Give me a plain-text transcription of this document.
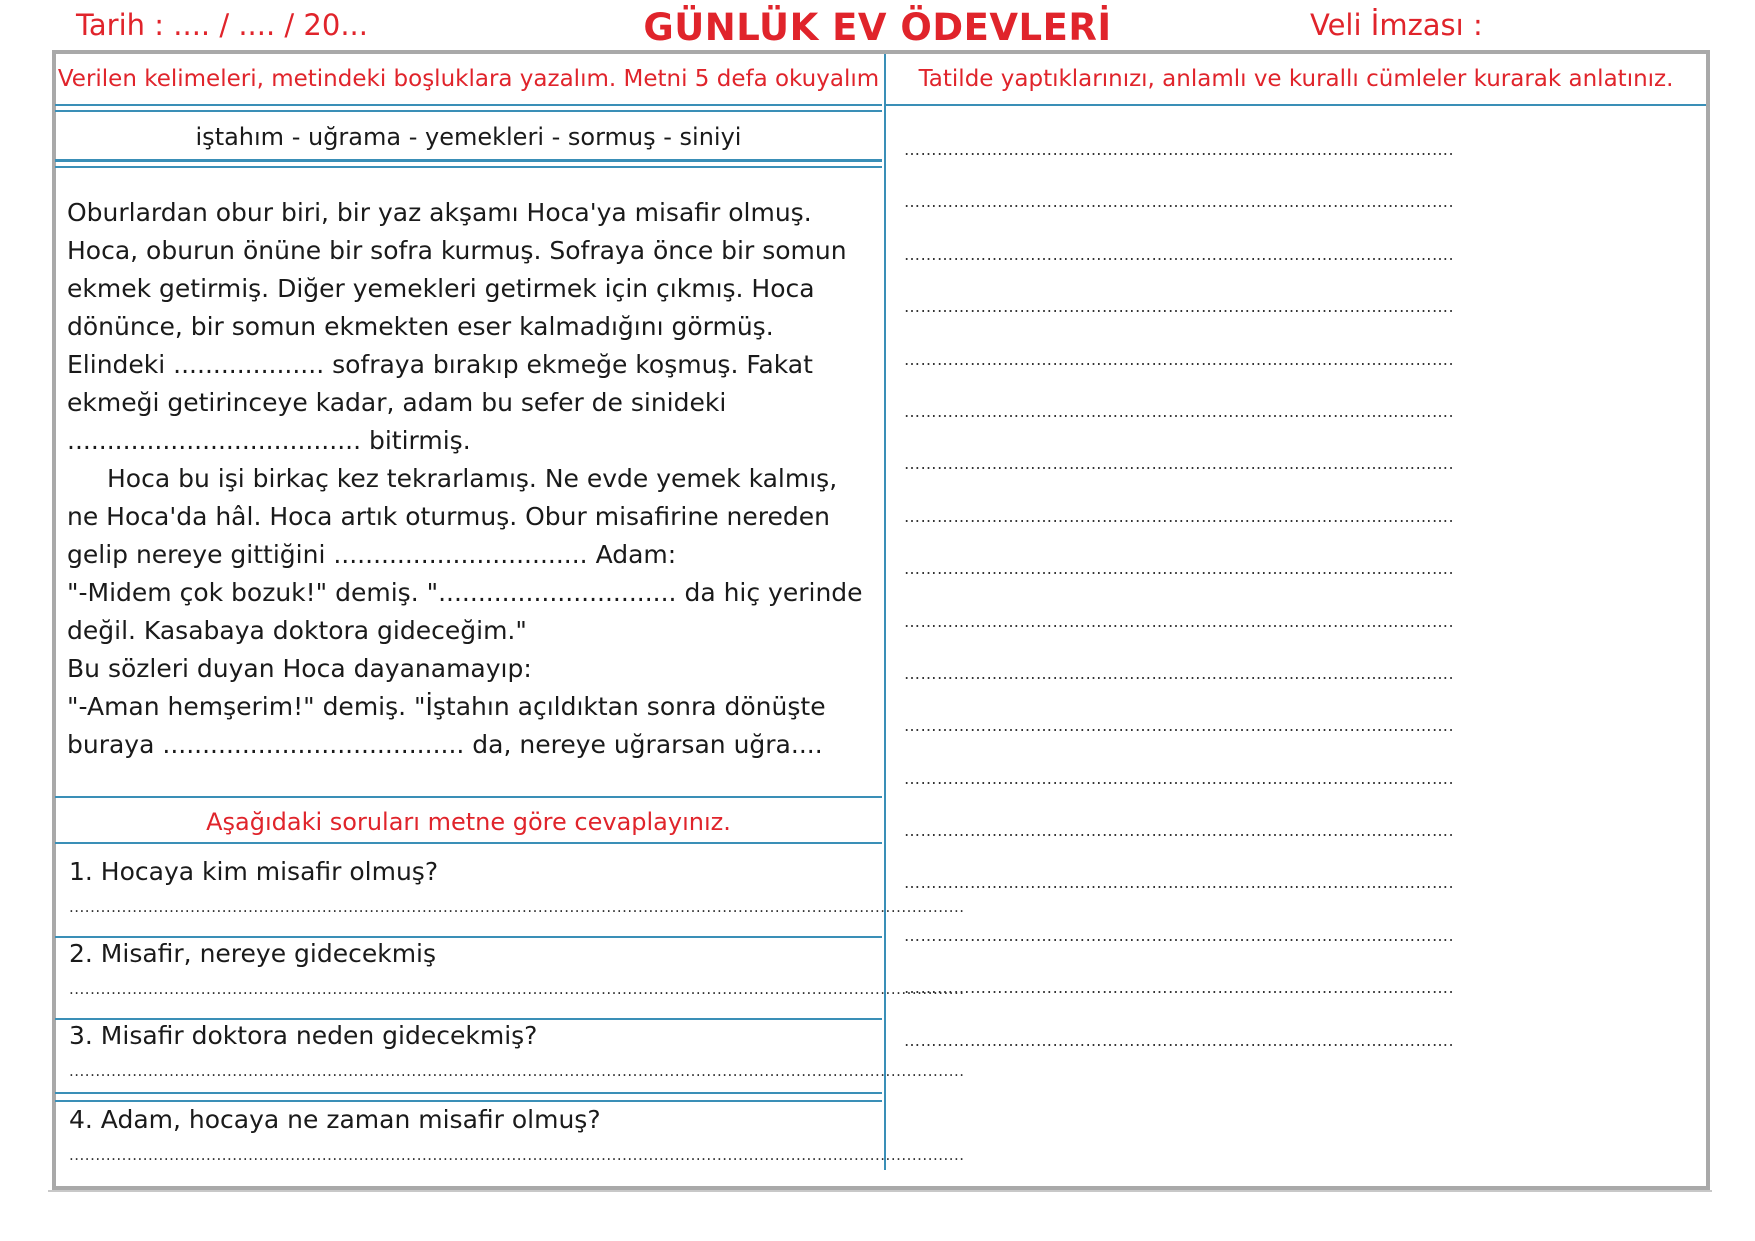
Tarih : .... / .... / 20...	GÜNLÜK EV ÖDEVLERİ	Veli İmzası :
Verilen kelimeleri, metindeki boşluklara yazalım. Metni 5 defa okuyalım
iştahım - uğrama - yemekleri - sormuş - siniyi

Oburlardan obur biri, bir yaz akşamı Hoca'ya misafir olmuş. Hoca, oburun önüne bir sofra kurmuş. Sofraya önce bir somun ekmek getirmiş. Diğer yemekleri getirmek için çıkmış. Hoca dönünce, bir somun ekmekten eser kalmadığını görmüş. Elindeki ................... sofraya bırakıp ekmeğe koşmuş. Fakat ekmeği getirinceye kadar, adam bu sefer de sinideki ..................................... bitirmiş.

Hoca bu işi birkaç kez tekrarlamış. Ne evde yemek kalmış, ne Hoca'da hâl. Hoca artık oturmuş. Obur misafirine nereden gelip nereye gittiğini ................................ Adam:

"-Midem çok bozuk!" demiş. ".............................. da hiç yerinde değil. Kasabaya doktora gideceğim."

Bu sözleri duyan Hoca dayanamayıp:

"-Aman hemşerim!" demiş. "İştahın açıldıktan sonra dönüşte buraya ...................................... da, nereye uğrarsan uğra....

Aşağıdaki soruları metne göre cevaplayınız.
1. Hocaya kim misafir olmuş?
..........................................................................................................................................................................
2. Misafir, nereye gidecekmiş
..........................................................................................................................................................................
3. Misafir doktora neden gidecekmiş?
..........................................................................................................................................................................
4. Adam, hocaya ne zaman misafir olmuş?
..........................................................................................................................................................................
Tatilde yaptıklarınızı, anlamlı ve kurallı cümleler kurarak anlatınız.
……………………………………………………………………………………….
……………………………………………………………………………………….
……………………………………………………………………………………….
……………………………………………………………………………………….
……………………………………………………………………………………….
……………………………………………………………………………………….
……………………………………………………………………………………….
……………………………………………………………………………………….
……………………………………………………………………………………….
……………………………………………………………………………………….
……………………………………………………………………………………….
……………………………………………………………………………………….
……………………………………………………………………………………….
……………………………………………………………………………………….
……………………………………………………………………………………….
……………………………………………………………………………………….
……………………………………………………………………………………….
……………………………………………………………………………………….
